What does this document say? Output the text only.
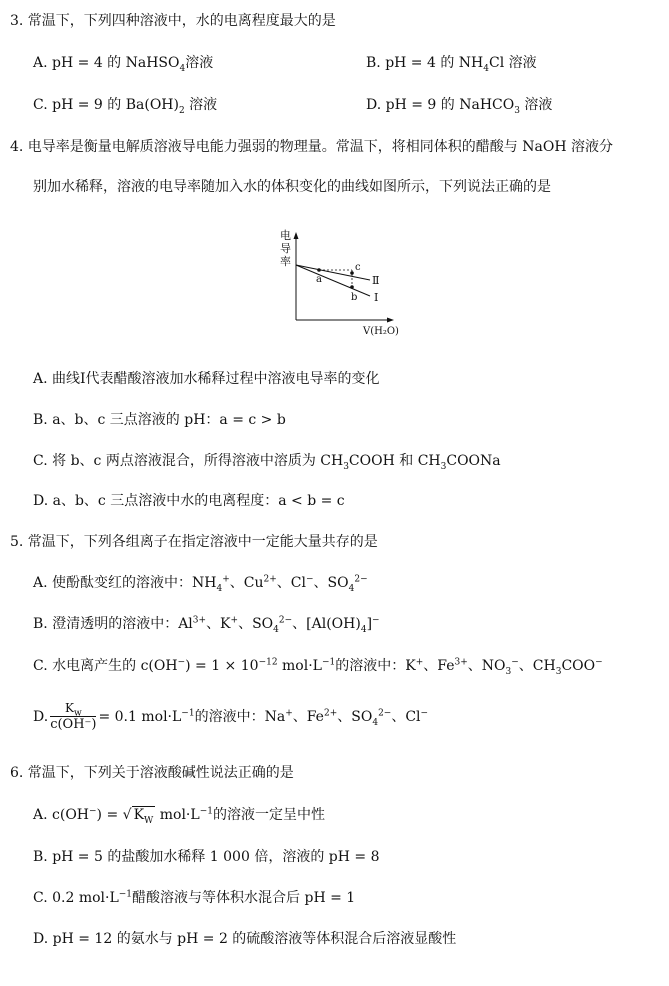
3. 常温下，下列四种溶液中，水的电离程度最大的是
A. pH = 4 的 NaHSO$_4$溶液	B. pH = 4 的 $NH_4Cl$ 溶液
C. pH = 9 的 $Ba(OH)_2$ 溶液	D. pH = 9 的 NaHCO$_3$ 溶液
4. 电导率是衡量电解质溶液导电能力强弱的物理量。常温下，将相同体积的醋酸与 NaOH 溶液分
别加水稀释，溶液的电导率随加入水的体积变化的曲线如图所示，下列说法正确的是
电
导
率
a
c
b
Ⅱ
I
V(H₂O)
A. 曲线Ⅰ代表醋酸溶液加水稀释过程中溶液电导率的变化
B. a、b、c 三点溶液的 pH：a = c > b
C. 将 b、c 两点溶液混合，所得溶液中溶质为 $CH_3COOH$ 和 $CH_3COONa$
D. a、b、c 三点溶液中水的电离程度：a < b = c
5. 常温下，下列各组离子在指定溶液中一定能大量共存的是
A. 使酚酞变红的溶液中：$NH_4^+$、$Cu^{2+}$、Cl−、$SO_4^{2-}$
B. 澄清透明的溶液中：$Al^{3+}$、K+、$SO_4^{2-}$、$[Al(OH)_4]^-$
C. 水电离产生的 $c(OH^-) = 1 \times 10^{-12}$ $mol\cdot L^{-1}$的溶液中：K+、$Fe^{3+}$、$NO_3^-$、$CH_3COO^-$
D. $\frac{K_w}{c(OH^-)} = 0.1$ $mol\cdot L^{-1}$的溶液中：Na+、$Fe^{2+}$、$SO_4^{2-}$、Cl−
6. 常温下，下列关于溶液酸碱性说法正确的是
A. c(OH−) = √ $K_W$ $mol\cdot L^{-1}$的溶液一定呈中性
B. pH = 5 的盐酸加水稀释 1 000 倍，溶液的 pH = 8
C. 0.2 $mol\cdot L^{-1}$醋酸溶液与等体积水混合后 pH = 1
D. pH = 12 的氨水与 pH = 2 的硫酸溶液等体积混合后溶液显酸性
